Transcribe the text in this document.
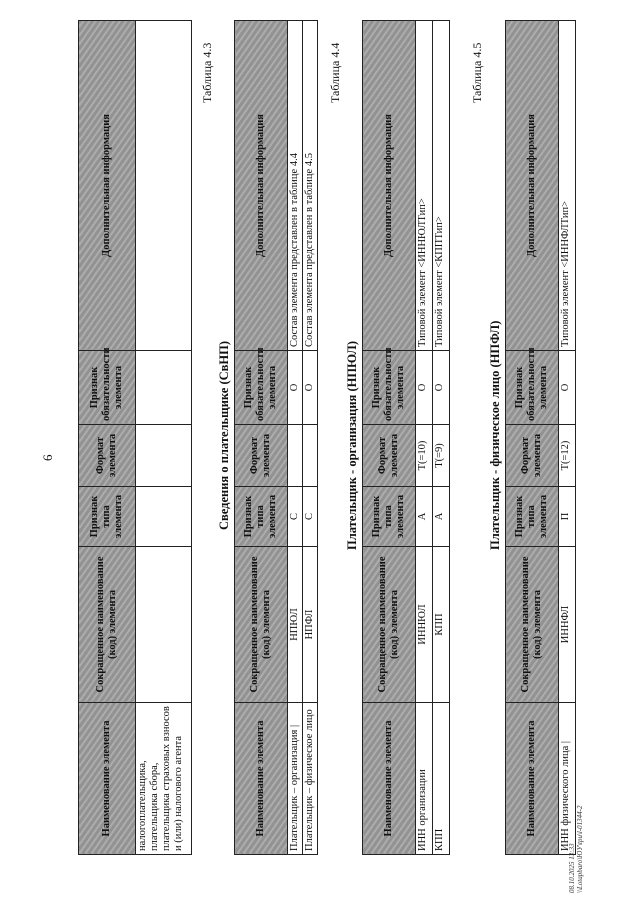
6
Наименование элемента	Сокращенное наименование (код) элемента	Признак типа элемента	Формат элемента	Признак обязательности элемента	Дополнительная информация
налогоплательщика, плательщика сбора, плательщика страховых взносов и (или) налогового агента					
Таблица 4.3
Сведения о плательщике (СвНП)
Наименование элемента	Сокращенное наименование (код) элемента	Признак типа элемента	Формат элемента	Признак обязательности элемента	Дополнительная информация
Плательщик – организация |	НПЮЛ	С		О	Состав элемента представлен в таблице 4.4
Плательщик – физическое лицо	НПФЛ	С		О	Состав элемента представлен в таблице 4.5
Таблица 4.4
Плательщик - организация (НПЮЛ)
Наименование элемента	Сокращенное наименование (код) элемента	Признак типа элемента	Формат элемента	Признак обязательности элемента	Дополнительная информация
ИНН организации	ИННЮЛ	А	T(=10)	О	Типовой элемент <ИННЮЛТип>
КПП	КПП	А	T(=9)	О	Типовой элемент <КППТип>
Таблица 4.5
Плательщик - физическое лицо (НПФЛ)
Наименование элемента	Сокращенное наименование (код) элемента	Признак типа элемента	Формат элемента	Признак обязательности элемента	Дополнительная информация
ИНН физического лица |	ИННФЛ	П	T(=12)	О	Типовой элемент <ИННФЛТип>
08.10.2025 13:33 \\Lotapbaro\ЮУ\tpu\l-01344-2
